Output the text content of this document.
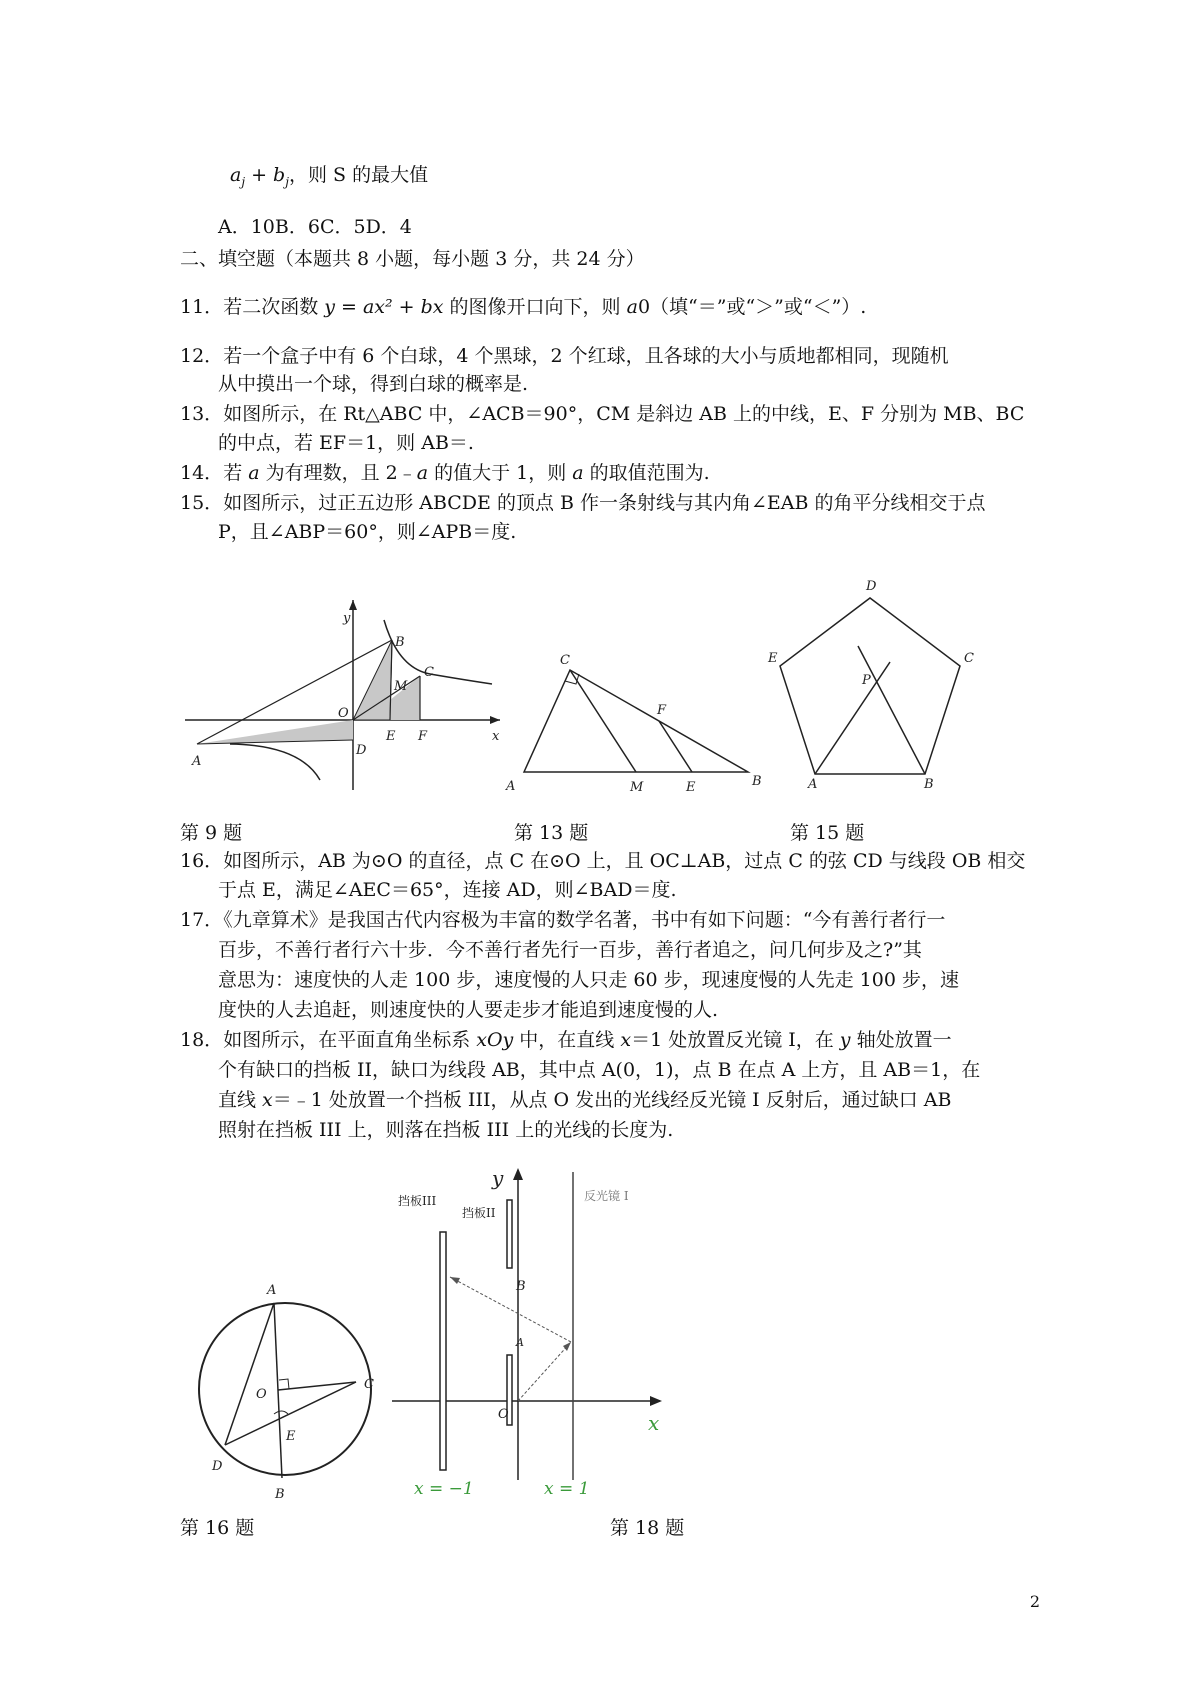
$a_j + b_j$，则 S 的最大值
A．10B．6C．5D．4
二、填空题（本题共 8 小题，每小题 3 分，共 24 分）
11．若二次函数 y = ax² + bx 的图像开口向下，则 a0（填“＝”或“＞”或“＜”）.
12．若一个盒子中有 6 个白球，4 个黑球，2 个红球，且各球的大小与质地都相同，现随机
从中摸出一个球，得到白球的概率是.
13．如图所示，在 Rt△ABC 中，∠ACB＝90°，CM 是斜边 AB 上的中线，E、F 分别为 MB、BC
的中点，若 EF＝1，则 AB＝.
14．若 a 为有理数，且 2﹣a 的值大于 1，则 a 的取值范围为.
15．如图所示，过正五边形 ABCDE 的顶点 B 作一条射线与其内角∠EAB 的角平分线相交于点
P，且∠ABP＝60°，则∠APB＝度.
y
x
O
A
B
C
M
D
E F
A	B
C
M	E
F
A	B
C
D
E
P
第 9 题	第 13 题	第 15 题
16．如图所示，AB 为⊙O 的直径，点 C 在⊙O 上，且 OC⊥AB，过点 C 的弦 CD 与线段 OB 相交
于点 E，满足∠AEC＝65°，连接 AD，则∠BAD＝度.
17．《九章算术》是我国古代内容极为丰富的数学名著，书中有如下问题：“今有善行者行一
百步，不善行者行六十步．今不善行者先行一百步，善行者追之，问几何步及之?”其
意思为：速度快的人走 100 步，速度慢的人只走 60 步，现速度慢的人先走 100 步，速
度快的人去追赶，则速度快的人要走步才能追到速度慢的人.
18．如图所示，在平面直角坐标系 xOy 中，在直线 x＝1 处放置反光镜 I，在 y 轴处放置一
个有缺口的挡板 II，缺口为线段 AB，其中点 A(0，1)，点 B 在点 A 上方，且 AB＝1，在
直线 x＝﹣1 处放置一个挡板 III，从点 O 发出的光线经反光镜 I 反射后，通过缺口 AB
照射在挡板 III 上，则落在挡板 III 上的光线的长度为.
A
B
C
D
E
O
y
x
O
A
B
挡板III
挡板II
反光镜 I
x = −1	x = 1
第 16 题	第 18 题
2
